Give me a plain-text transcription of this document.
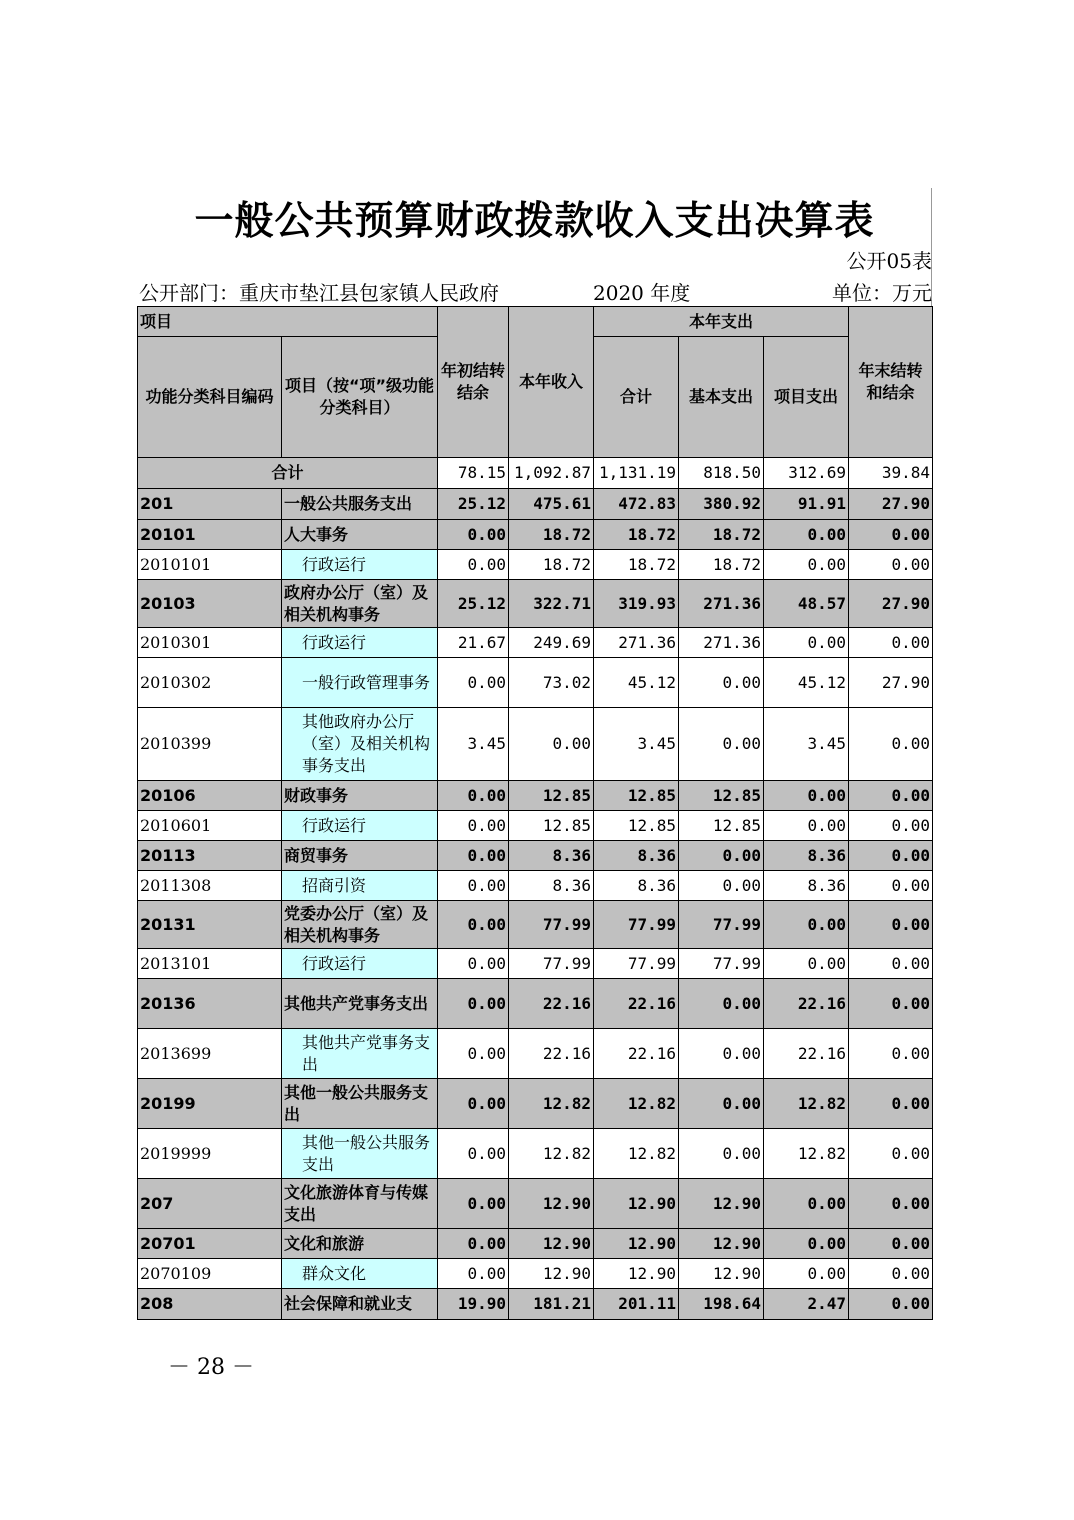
一般公共预算财政拨款收入支出决算表
公开05表
公开部门：重庆市垫江县包家镇人民政府	2020 年度	单位：万元
项目		年初结转结余	本年收入	本年支出			年末结转和结余
功能分类科目编码	项目（按“项”级功能分类科目）			合计	基本支出	项目支出	
合计		78.15	1,092.87	1,131.19	818.50	312.69	39.84
201	一般公共服务支出	25.12	475.61	472.83	380.92	91.91	27.90
20101	人大事务	0.00	18.72	18.72	18.72	0.00	0.00
2010101	行政运行	0.00	18.72	18.72	18.72	0.00	0.00
20103	政府办公厅（室）及相关机构事务	25.12	322.71	319.93	271.36	48.57	27.90
2010301	行政运行	21.67	249.69	271.36	271.36	0.00	0.00
2010302	一般行政管理事务	0.00	73.02	45.12	0.00	45.12	27.90
2010399	其他政府办公厅（室）及相关机构事务支出	3.45	0.00	3.45	0.00	3.45	0.00
20106	财政事务	0.00	12.85	12.85	12.85	0.00	0.00
2010601	行政运行	0.00	12.85	12.85	12.85	0.00	0.00
20113	商贸事务	0.00	8.36	8.36	0.00	8.36	0.00
2011308	招商引资	0.00	8.36	8.36	0.00	8.36	0.00
20131	党委办公厅（室）及相关机构事务	0.00	77.99	77.99	77.99	0.00	0.00
2013101	行政运行	0.00	77.99	77.99	77.99	0.00	0.00
20136	其他共产党事务支出	0.00	22.16	22.16	0.00	22.16	0.00
2013699	其他共产党事务支出	0.00	22.16	22.16	0.00	22.16	0.00
20199	其他一般公共服务支出	0.00	12.82	12.82	0.00	12.82	0.00
2019999	其他一般公共服务支出	0.00	12.82	12.82	0.00	12.82	0.00
207	文化旅游体育与传媒支出	0.00	12.90	12.90	12.90	0.00	0.00
20701	文化和旅游	0.00	12.90	12.90	12.90	0.00	0.00
2070109	群众文化	0.00	12.90	12.90	12.90	0.00	0.00
208	社会保障和就业支	19.90	181.21	201.11	198.64	2.47	0.00
－ 28 －
